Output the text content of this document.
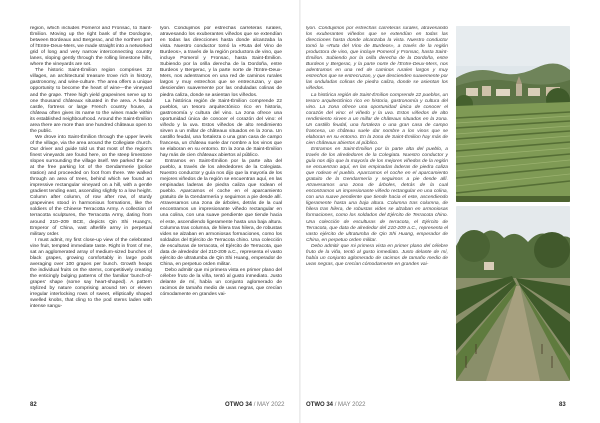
region, which includes Pomerol and Fronsac, to Saint-Émilion. Moving up the right bank of the Dordogne, between Bordeaux and Bergerac, and the northern part of l'Entre-Deux-Mers, we made straight into a networked grid of long and very narrow interconnecting country lanes, sloping gently through the rolling limestone hills, where the vineyards are set.

The historic Saint-Émilion region comprises 22 villages, an architectural treasure trove rich in history, gastronomy, and wine-culture. The area offers a unique opportunity to become the heart of wine—the vineyard and the grape. Three high yield grapevines serve up to one thousand châteaux situated in the area. A feudal castle, fortress or large French country house, a château often gives its name to the wines made within its established neighbourhood. Around the Saint-Émilion area there are more than one hundred châteaux open to the public.

We drove into Saint-Émilion through the upper levels of the village, via the area around the Collegiate church. Our driver and guide told us that most of the region's finest vineyards are found here, on the steep limestone slopes surrounding the village itself. We parked the car at the free parking lot of the Gendarmerie (police station) and proceeded on foot from there. We walked through an area of trees, behind which we found an impressive rectangular vineyard on a hill, with a gentle gradient tending east, ascending slightly to a low height. Column after column, of row after row, of sturdy grapevines stood in harmonious formations, like the soldiers of the Chinese Terracotta Army. A collection of terracotta sculptures, the Terracotta Army, dating from around 210–209 BCE, depicts Qin Shi Huang's, Emperor of China, vast afterlife army in perpetual military order.

I must admit, my first close-up view of the celebrated vine fruit, tempted immediate taste. Right in front of me, sat an agglomerated array of medium-sized bunches of black grapes, growing comfortably in large pods averaging over 100 grapes per bunch. Growth heaps the individual fruits on the stems, competitively creating the enticingly bulging patterns of the familiar 'bunch-of-grapes' shape (some say heart-shaped). A pattern stylized by nature comprising around ten or eleven irregular interlocking rows of sweet, elliptically shaped swelled knobs, that cling to the pod stems laden with intense sangu-

lyon. Condujimos por estrechas carreteras rurales, atravesando los exuberantes viñedos que se extendían en todas las direcciones hasta donde alcanzaba la vista. Nuestro conductor tomó la «Ruta del Vino de Burdeos», a través de la región productora de vino, que incluye Pomerol y Fronsac, hasta Saint-Émilion. Subiendo por la orilla derecha de la Dordoña, entre Burdeos y Bergerac, y la parte norte de l'Entre-Deux-Mers, nos adentramos en una red de caminos rurales largos y muy estrechos que se entrecruzan, y que descienden suavemente por las onduladas colinas de piedra caliza, donde se asientan los viñedos.

La histórica región de Saint-Émilion comprende 22 pueblos, un tesoro arquitectónico rico en historia, gastronomía y cultura del vino. La zona ofrece una oportunidad única de conocer el corazón del vino: el viñedo y la uva. Estos viñedos de alto rendimiento sirven a un millar de châteaux situados en la zona. Un castillo feudal, una fortaleza o una gran casa de campo francesa, un château suele dar nombre a los vinos que se elaboran en su entorno. En la zona de Saint-Émilion hay más de cien châteaux abiertos al público.

Entramos en Saint-Émilion por la parte alta del pueblo, a través de los alrededores de la Colegiata. Nuestro conductor y guía nos dijo que la mayoría de los mejores viñedos de la región se encuentran aquí, en las empinadas laderas de piedra caliza que rodean el pueblo. Aparcamos el coche en el aparcamiento gratuito de la Gendarmería y seguimos a pie desde allí. Atravesamos una zona de árboles, detrás de la cual encontramos un impresionante viñedo rectangular en una colina, con una suave pendiente que tiende hacia el este, ascendiendo ligeramente hasta una baja altura. Columna tras columna, de hilera tras hilera, de robustas vides se alzaban en armoniosas formaciones, como los soldados del Ejército de Terracota chino. Una colección de esculturas de terracota, el Ejército de Terracota, que data de alrededor del 210-209 a.C., representa el vasto ejército de ultratumba de Qin Shi Huang, emperador de China, en perpetuo orden militar.

Debo admitir que mi primera vista en primer plano del célebre fruto de la viña, tentó al gusto inmediato. Justo delante de mí, había un conjunto aglomerado de racimos de tamaño medio de uvas negras, que crecían cómodamente en grandes vai-

lyon. Condujimos por estrechas carreteras rurales, atravesando los exuberantes viñedos que se extendían en todas las direcciones hasta donde alcanzaba la vista. Nuestro conductor tomó la «Ruta del Vino de Burdeos», a través de la región productora de vino, que incluye Pomerol y Fronsac, hasta Saint-Émilion. Subiendo por la orilla derecha de la Dordoña, entre Burdeos y Bergerac, y la parte norte de l'Entre-Deux-Mers, nos adentramos en una red de caminos rurales largos y muy estrechos que se entrecruzan, y que descienden suavemente por las onduladas colinas de piedra caliza, donde se asientan los viñedos.

La histórica región de Saint-Émilion comprende 22 pueblos, un tesoro arquitectónico rico en historia, gastronomía y cultura del vino. La zona ofrece una oportunidad única de conocer el corazón del vino: el viñedo y la uva. Estos viñedos de alto rendimiento sirven a un millar de châteaux situados en la zona. Un castillo feudal, una fortaleza o una gran casa de campo francesa, un château suele dar nombre a los vinos que se elaboran en su entorno. En la zona de Saint-Émilion hay más de cien châteaux abiertos al público.

Entramos en Saint-Émilion por la parte alta del pueblo, a través de los alrededores de la Colegiata. Nuestro conductor y guía nos dijo que la mayoría de los mejores viñedos de la región se encuentran aquí, en las empinadas laderas de piedra caliza que rodean el pueblo. Aparcamos el coche en el aparcamiento gratuito de la Gendarmería y seguimos a pie desde allí. Atravesamos una zona de árboles, detrás de la cual encontramos un impresionante viñedo rectangular en una colina, con una suave pendiente que tiende hacia el este, ascendiendo ligeramente hasta una baja altura. Columna tras columna, de hilera tras hilera, de robustas vides se alzaban en armoniosas formaciones, como los soldados del Ejército de Terracota chino. Una colección de esculturas de terracota, el Ejército de Terracota, que data de alrededor del 210-209 a.C., representa el vasto ejército de ultratumba de Qin Shi Huang, emperador de China, en perpetuo orden militar.

Debo admitir que mi primera vista en primer plano del célebre fruto de la viña, tentó al gusto inmediato. Justo delante de mí, había un conjunto aglomerado de racimos de tamaño medio de uvas negras, que crecían cómodamente en grandes vai-

82	OTWO 34 / MAY 2022	OTWO 34 / MAY 2022	83
